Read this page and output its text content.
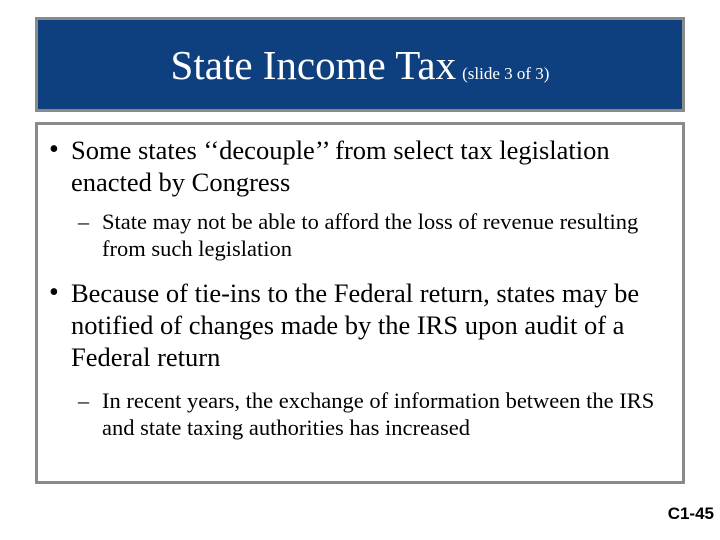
State Income Tax (slide 3 of 3)
• Some states ‘‘decouple’’ from select tax legislation enacted by Congress
– State may not be able to afford the loss of revenue resulting from such legislation
• Because of tie-ins to the Federal return, states may be notified of changes made by the IRS upon audit of a Federal return
– In recent years, the exchange of information between the IRS and state taxing authorities has increased
C1-45
